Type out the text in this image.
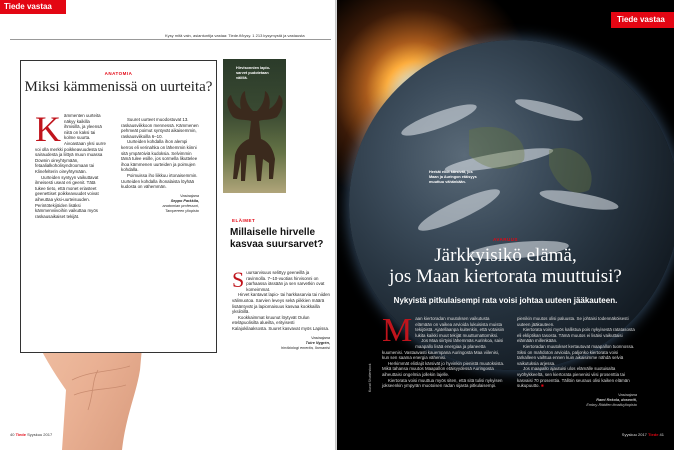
Tiede vastaa
Kysy mitä vain, asiantuntija vastaa: Tiede.fi/kysy. 1 213 kysymystä ja vastausta
ANATOMIA
Miksi kämmenissä on uurteita?
K ämmenten uurteita näkyy kaikilla ihmisillä, ja yleensä niitä on kaksi tai kolme suurta. Aivoastaan yksi uurre voi olla merkki poikkeavuudesta tai sairaudesta ja liittyä muun muassa Downin oireyhtymään, fetaalialkoholisyndroomaan tai Klinefelterin oireyhtymään.

Uurteiden syntyyn vaikuttavat ilmeisesti useat eri geenit. Tätä tukee tieto, että monet eriasteet geenettiset poikkeavuudet voivat aiheuttaa yksi-uurteisuuden. Perintötekijöiden lisäksi kämmenviivoihin vaikuttaa myös raskausaikaiset tekijät.

Suuret uurteet muodostuvat 13. raskausviikkoon mennessä. Kämmenen pehmeät poimut syntyvät aikaisemmin, raskausviikoilla 6–10.

Uurteiden kohdalla ihon alempi kerros eli verinahka on lähemmin kiinni sitä ympäröiviä kudoksia. Selvimmin tämä tulee esille, jos sormella likuttelee ihoa kämmenen uurteiden ja poimujen kohdalla.

Poimuissa iho liikkuu irtonaisemmin. Uurteiden kohdalla ihonalaista löyhää kudosta on vähemmän.

Vastaajana
Seppo Parkkila,
anatomian professori,
Tampereen yliopisto
Hirvisonnien lapio-sarvet pudotetaan välillä.
ELÄIMET
Millaiselle hirvelle kasvaa suursarvet?
S uursarvisuus selittyy geeneillä ja ravinnolla. 7–10-vuotias hirvisonni on parhaassa iässään ja sen sarvetkin ovat komeimmat.

Hirvet kantavat lapio- tai harkkasarvia tai niiden välimuotoa. Sarvien leveys sekä piikkien määrä lisääntyvät ja lapiomaisuus kasvaa kookkailla yksilöillä.

Kookkaimmat kruunut löytyvät Oulun eteläpuolisilta alueilta, erityisesti Kalajokilaaksosta. Suuret kasvavat myös Lapissa.

Vastaajana
Tuire Nygrén,
hirvibiologi emerita, Ilomantsi
40 Tiede Syyskuu 2017
Tiede vastaa
Herkät eliöt kärsivät, jos Maan ja Auringon etäisyys muuttuu vähänkään.
AVARUUS
Järkkyisikö elämä,
jos Maan kiertorata muuttuisi?
Nykyistä pitkulaisempi rata voisi johtaa uuteen jääkauteen.
M aan kiertoradan muutoksen vaikutusta elämään on vaikea arvioida lukuisista muista tekijöistä. Ajatellaanpa kuitenkin, että votaisiin lukita kaikki muut tekijät muuttumattomiksi.

Jos Maa siirtyisi lähemmäs Aurinkoa, saisi maapallo lisää energiaa ja planeetta kuumenisi. Vastaavasti kauempana Auringosta Maa viilenisi, kun sen saama energia vähenisi.

Herkimmät eliölajit kärsivät jo hyvinkin pienistä muutoksista. Mikä tahansa muutos Maapallon etäisyydessä Auringosta aiheuttaisi ongelmia jollekin lajelle.

Kiertorata voisi muuttua myös siten, että sitä tulisi nykyisen jokseenkin ympyrän muotoisen radan sijasta pitkulaisempi.

pienikin muutos olisi paluusta. Se johtaisi todennäköisesti uuteen jääkauteen.

Kiertorata voisi myös kallistua pois nykyisestä ratatasosta eli ekliptikan tasosta. Tämä muutos ei lisäisi vaikuttaisi elämään millenkään.

Kiertoradan muutokset kertautuvat maapallon tuonnossa. Siksi on mahdoton arvioida, paljonko kiertorata voisi tarkalleen vaihtua ennen kuin aikaisimme nähdä selviä vaikutuksia arjessa.

Jos maapallo ajautuisi ulos elämälle suotuisalta vyöhykkeeltä, sen kiertorata pienenisi viisi prosenttia tai kasvaisi 70 prosenttia. Tällöin seuraus olisi kaiken elämän sukupuutto. ■

Vastaajana
Rami Rekola, dosentti,
Embry-Riddlen ilmailuyliopisto
Kuvat Shutterstock
Syyskuu 2017 Tiede 41
